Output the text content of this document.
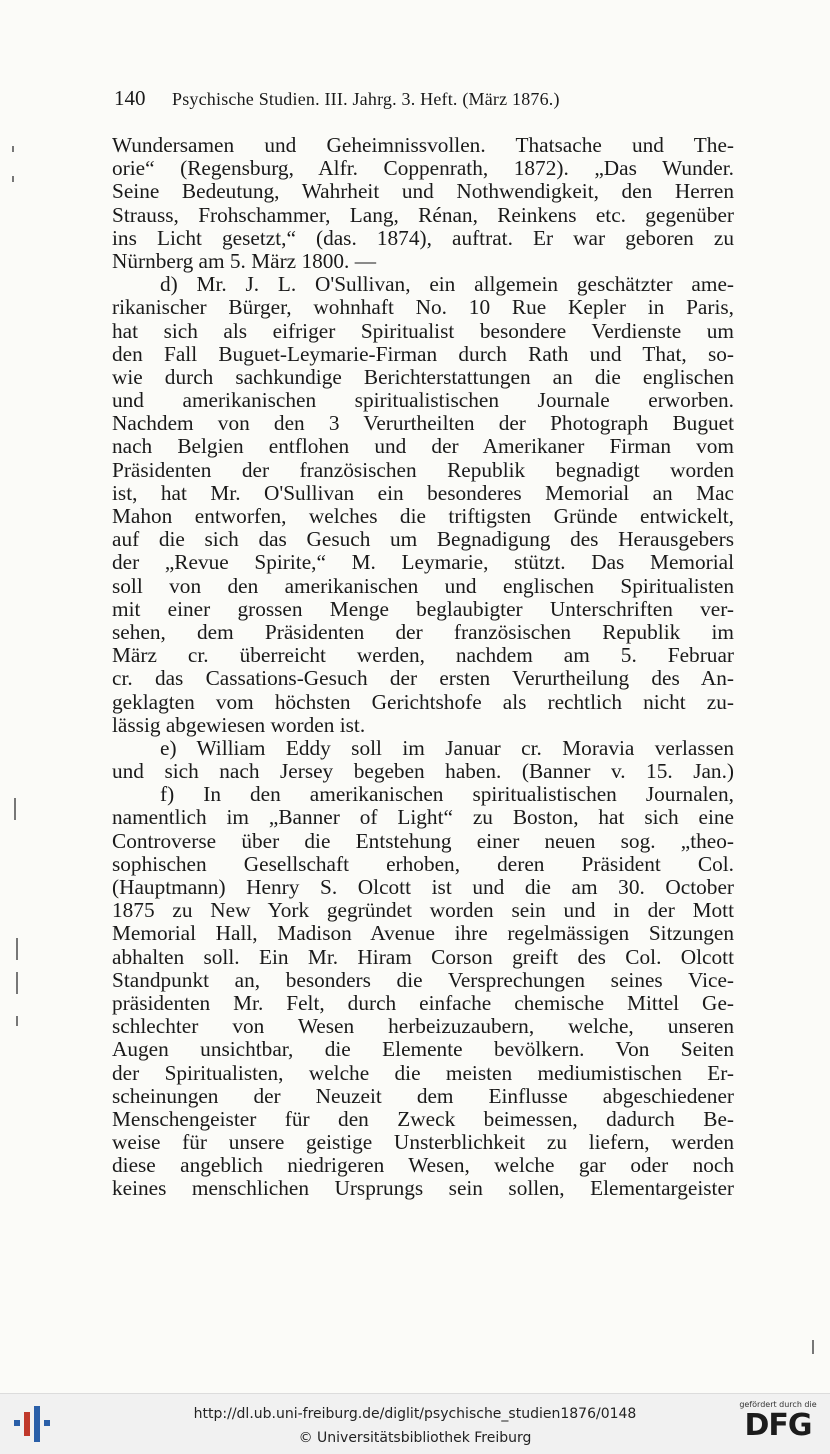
140 Psychische Studien. III. Jahrg. 3. Heft. (März 1876.)
Wundersamen und Geheimnissvollen. Thatsache und The-
orie“ (Regensburg, Alfr. Coppenrath, 1872). „Das Wunder.
Seine Bedeutung, Wahrheit und Nothwendigkeit, den Herren
Strauss, Frohschammer, Lang, Rénan, Reinkens etc. gegenüber
ins Licht gesetzt,“ (das. 1874), auftrat. Er war geboren zu
Nürnberg am 5. März 1800. —
d) Mr. J. L. O'Sullivan, ein allgemein geschätzter ame-
rikanischer Bürger, wohnhaft No. 10 Rue Kepler in Paris,
hat sich als eifriger Spiritualist besondere Verdienste um
den Fall Buguet-Leymarie-Firman durch Rath und That, so-
wie durch sachkundige Berichterstattungen an die englischen
und amerikanischen spiritualistischen Journale erworben.
Nachdem von den 3 Verurtheilten der Photograph Buguet
nach Belgien entflohen und der Amerikaner Firman vom
Präsidenten der französischen Republik begnadigt worden
ist, hat Mr. O'Sullivan ein besonderes Memorial an Mac
Mahon entworfen, welches die triftigsten Gründe entwickelt,
auf die sich das Gesuch um Begnadigung des Herausgebers
der „Revue Spirite,“ M. Leymarie, stützt. Das Memorial
soll von den amerikanischen und englischen Spiritualisten
mit einer grossen Menge beglaubigter Unterschriften ver-
sehen, dem Präsidenten der französischen Republik im
März cr. überreicht werden, nachdem am 5. Februar
cr. das Cassations-Gesuch der ersten Verurtheilung des An-
geklagten vom höchsten Gerichtshofe als rechtlich nicht zu-
lässig abgewiesen worden ist.
e) William Eddy soll im Januar cr. Moravia verlassen
und sich nach Jersey begeben haben. (Banner v. 15. Jan.)
f) In den amerikanischen spiritualistischen Journalen,
namentlich im „Banner of Light“ zu Boston, hat sich eine
Controverse über die Entstehung einer neuen sog. „theo-
sophischen Gesellschaft erhoben, deren Präsident Col.
(Hauptmann) Henry S. Olcott ist und die am 30. October
1875 zu New York gegründet worden sein und in der Mott
Memorial Hall, Madison Avenue ihre regelmässigen Sitzungen
abhalten soll. Ein Mr. Hiram Corson greift des Col. Olcott
Standpunkt an, besonders die Versprechungen seines Vice-
präsidenten Mr. Felt, durch einfache chemische Mittel Ge-
schlechter von Wesen herbeizuzaubern, welche, unseren
Augen unsichtbar, die Elemente bevölkern. Von Seiten
der Spiritualisten, welche die meisten mediumistischen Er-
scheinungen der Neuzeit dem Einflusse abgeschiedener
Menschengeister für den Zweck beimessen, dadurch Be-
weise für unsere geistige Unsterblichkeit zu liefern, werden
diese angeblich niedrigeren Wesen, welche gar oder noch
keines menschlichen Ursprungs sein sollen, Elementargeister
http://dl.ub.uni-freiburg.de/diglit/psychische_studien1876/0148
© Universitätsbibliothek Freiburg
gefördert durch die
DFG
